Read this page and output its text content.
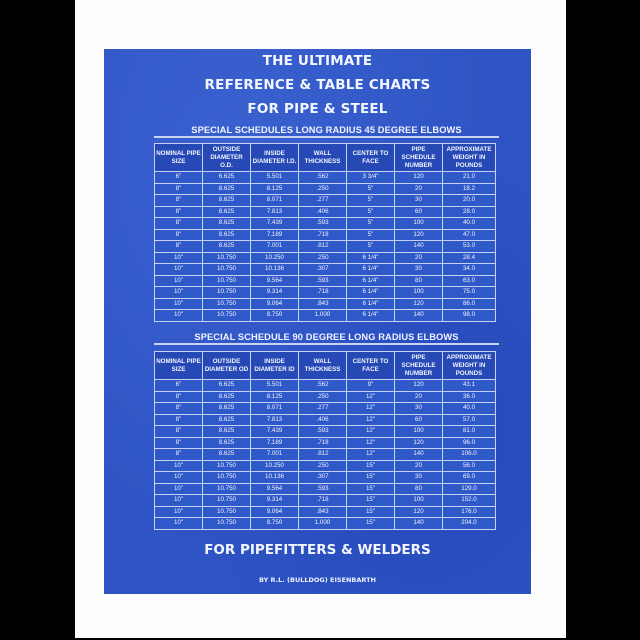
THE ULTIMATE
REFERENCE & TABLE CHARTS
FOR PIPE & STEEL
SPECIAL SCHEDULES LONG RADIUS 45 DEGREE ELBOWS
NOMINAL PIPE SIZE	OUTSIDE DIAMETER O.D.	INSIDE DIAMETER I.D.	WALL THICKNESS	CENTER TO FACE	PIPE SCHEDULE NUMBER	APPROXIMATE WEIGHT IN POUNDS
6"	6.625	5.501	.562	3 3/4"	120	21.0
8"	8.625	8.125	.250	5"	20	18.2
8"	8.625	8.071	.277	5"	30	20.0
8"	8.625	7.813	.406	5"	60	28.0
8"	8.625	7.439	.593	5"	100	40.0
8"	8.625	7.189	.718	5"	120	47.0
8"	8.625	7.001	.812	5"	140	53.0
10"	10.750	10.250	.250	6 1/4"	20	28.4
10"	10.750	10.136	.307	6 1/4"	30	34.0
10"	10.750	9.564	.593	6 1/4"	80	63.0
10"	10.750	9.314	.718	6 1/4"	100	75.0
10"	10.750	9.064	.843	6 1/4"	120	86.0
10"	10.750	8.750	1.000	6 1/4"	140	98.0
SPECIAL SCHEDULE 90 DEGREE LONG RADIUS ELBOWS
NOMINAL PIPE SIZE	OUTSIDE DIAMETER OD	INSIDE DIAMETER ID	WALL THICKNESS	CENTER TO FACE	PIPE SCHEDULE NUMBER	APPROXIMATE WEIGHT IN POUNDS
6"	6.625	5.501	.562	9"	120	43.1
8"	8.625	8.125	.250	12"	20	36.0
8"	8.625	8.071	.277	12"	30	40.0
8"	8.625	7.813	.406	12"	60	57.0
8"	8.625	7.439	.593	12"	100	81.0
8"	8.625	7.189	.718	12"	120	96.0
8"	8.625	7.001	.812	12"	140	106.0
10"	10.750	10.250	.250	15"	20	56.0
10"	10.750	10.136	.307	15"	30	69.0
10"	10.750	9.564	.593	15"	80	129.0
10"	10.750	9.314	.718	15"	100	152.0
10"	10.750	9.064	.843	15"	120	176.0
10"	10.750	8.750	1.000	15"	140	204.0
FOR PIPEFITTERS & WELDERS
BY R.L. (BULLDOG) EISENBARTH
